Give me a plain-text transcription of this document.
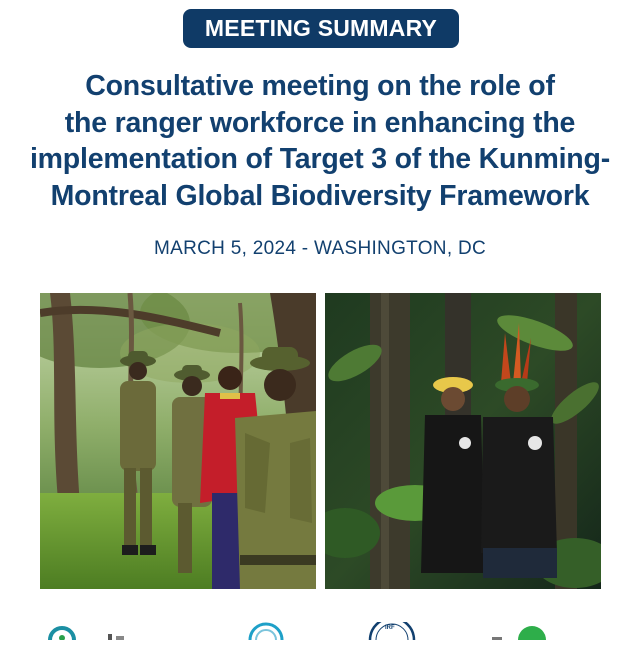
MEETING SUMMARY
Consultative meeting on the role of
the ranger workforce in enhancing the
implementation of Target 3 of the Kunming-
Montreal Global Biodiversity Framework
MARCH 5, 2024 - WASHINGTON, DC
IRF
